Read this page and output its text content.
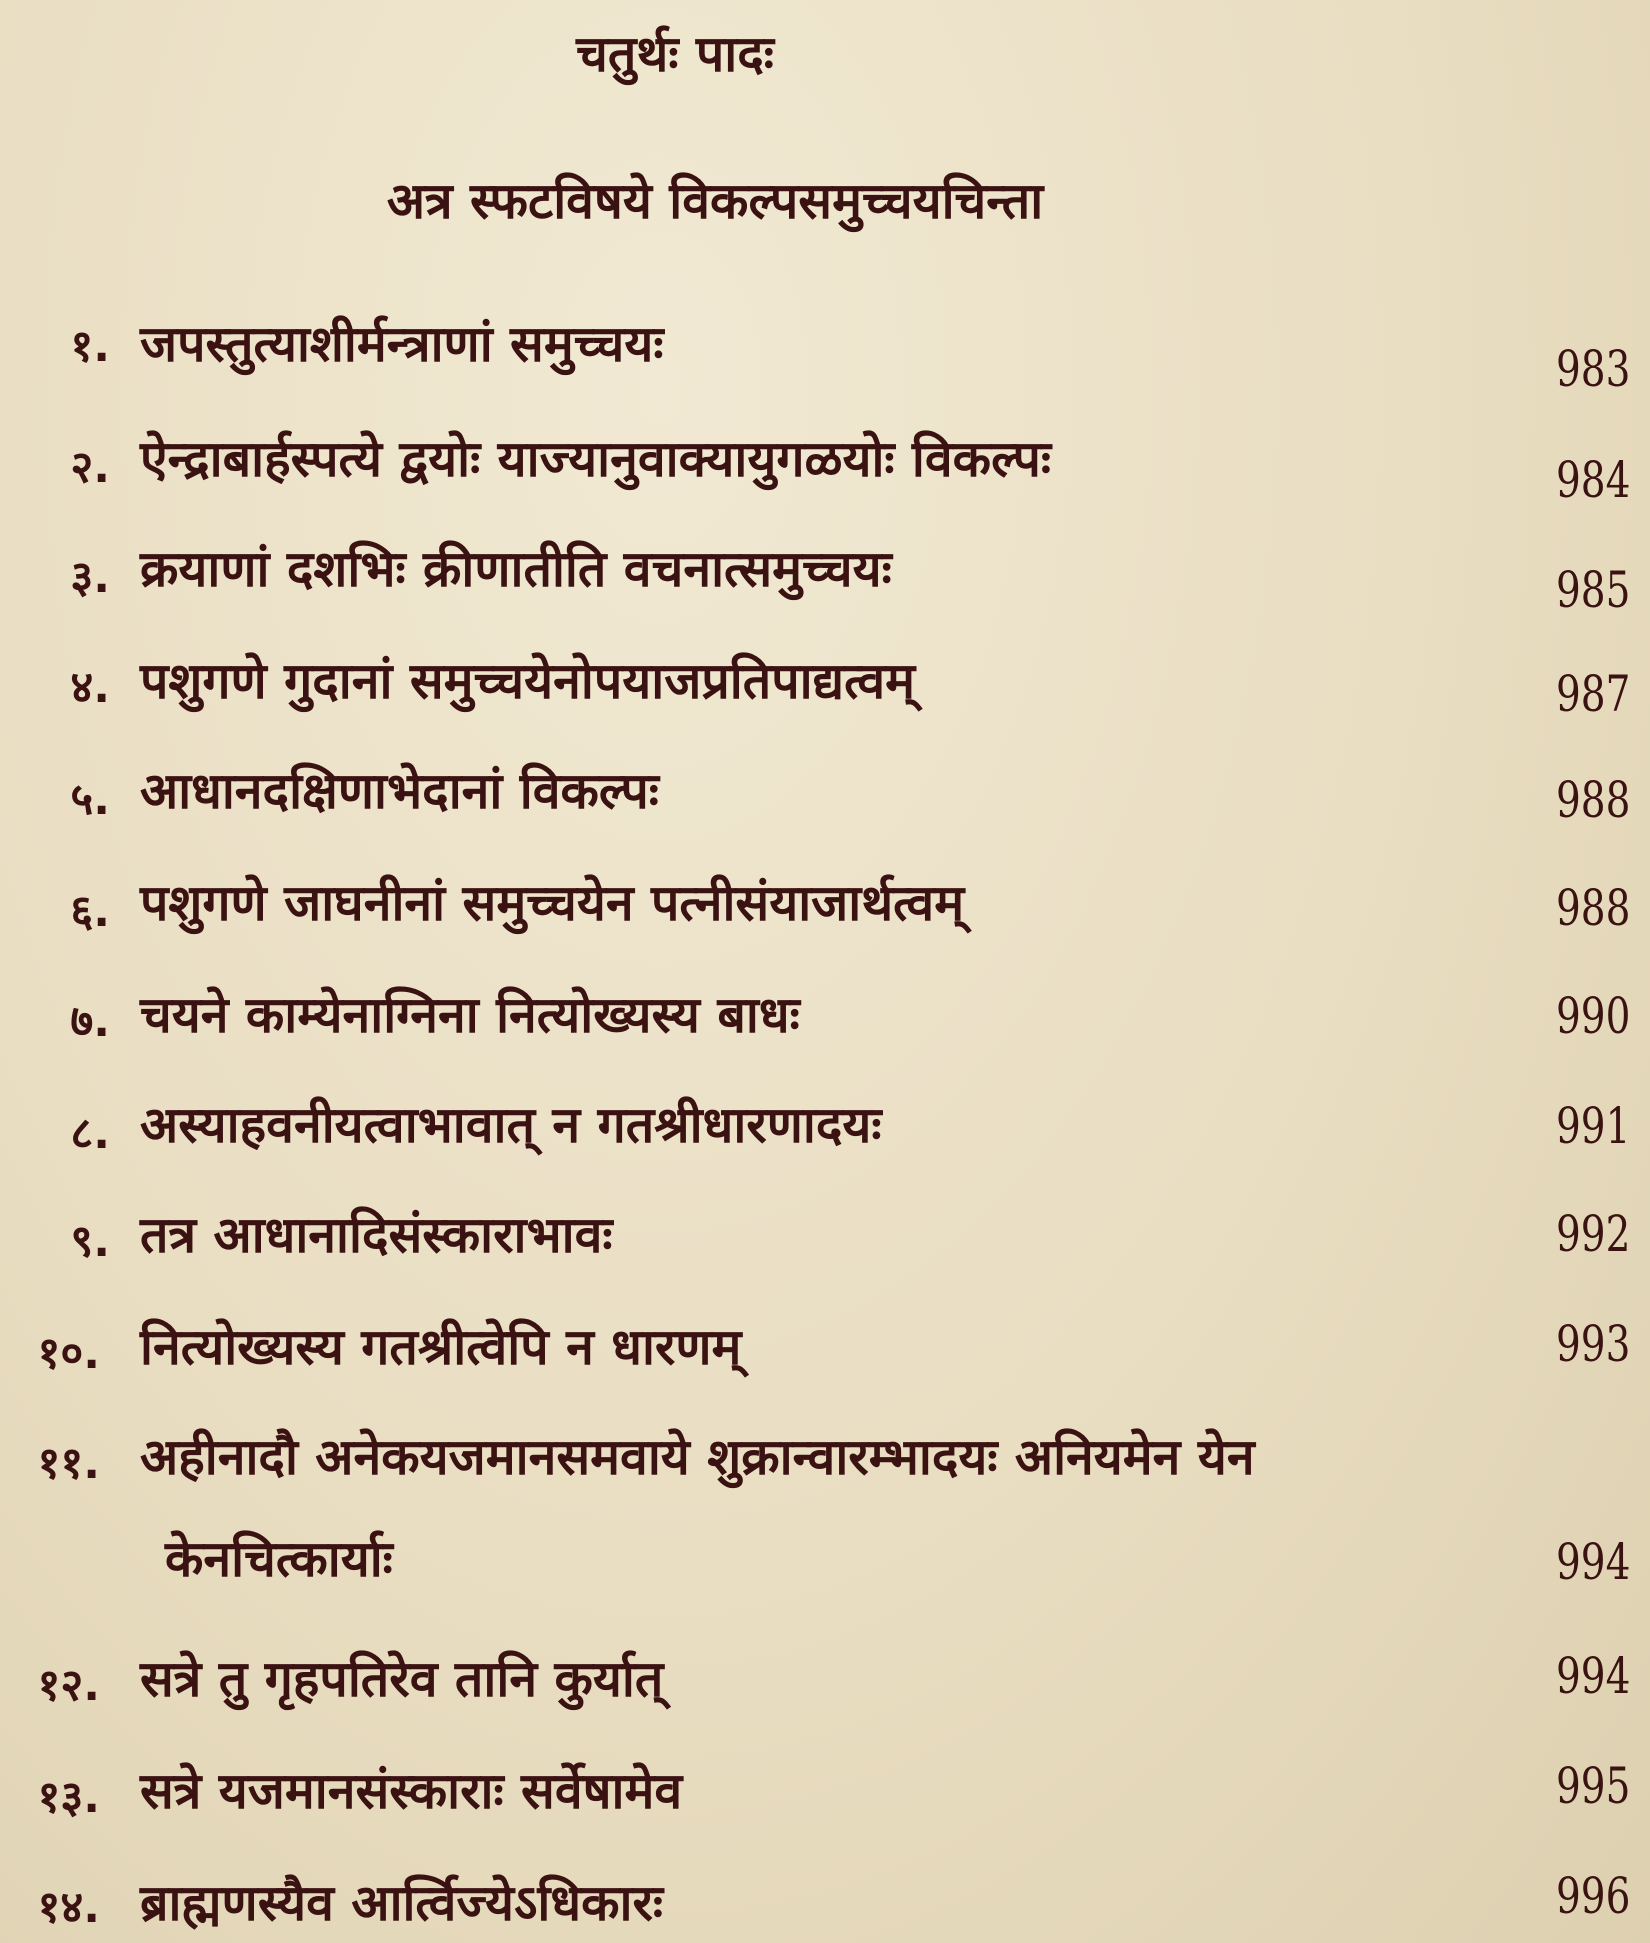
चतुर्थः पादः
अत्र स्फटविषये विकल्पसमुच्चयचिन्ता
१. जपस्तुत्याशीर्मन्त्राणां समुच्चयः	983
२. ऐन्द्राबार्हस्पत्ये द्वयोः याज्यानुवाक्यायुगळयोः विकल्पः	984
३. क्रयाणां दशभिः क्रीणातीति वचनात्समुच्चयः	985
४. पशुगणे गुदानां समुच्चयेनोपयाजप्रतिपाद्यत्वम्	987
५. आधानदक्षिणाभेदानां विकल्पः	988
६. पशुगणे जाघनीनां समुच्चयेन पत्नीसंयाजार्थत्वम्	988
७. चयने काम्येनाग्निना नित्योख्यस्य बाधः	990
८. अस्याहवनीयत्वाभावात् न गतश्रीधारणादयः	991
९. तत्र आधानादिसंस्काराभावः	992
१०. नित्योख्यस्य गतश्रीत्वेपि न धारणम्	993
११. अहीनादौ अनेकयजमानसमवाये शुक्रान्वारम्भादयः अनियमेन येन
केनचित्कार्याः	994
१२. सत्रे तु गृहपतिरेव तानि कुर्यात्	994
१३. सत्रे यजमानसंस्काराः सर्वेषामेव	995
१४. ब्राह्मणस्यैव आर्त्विज्येऽधिकारः	996
